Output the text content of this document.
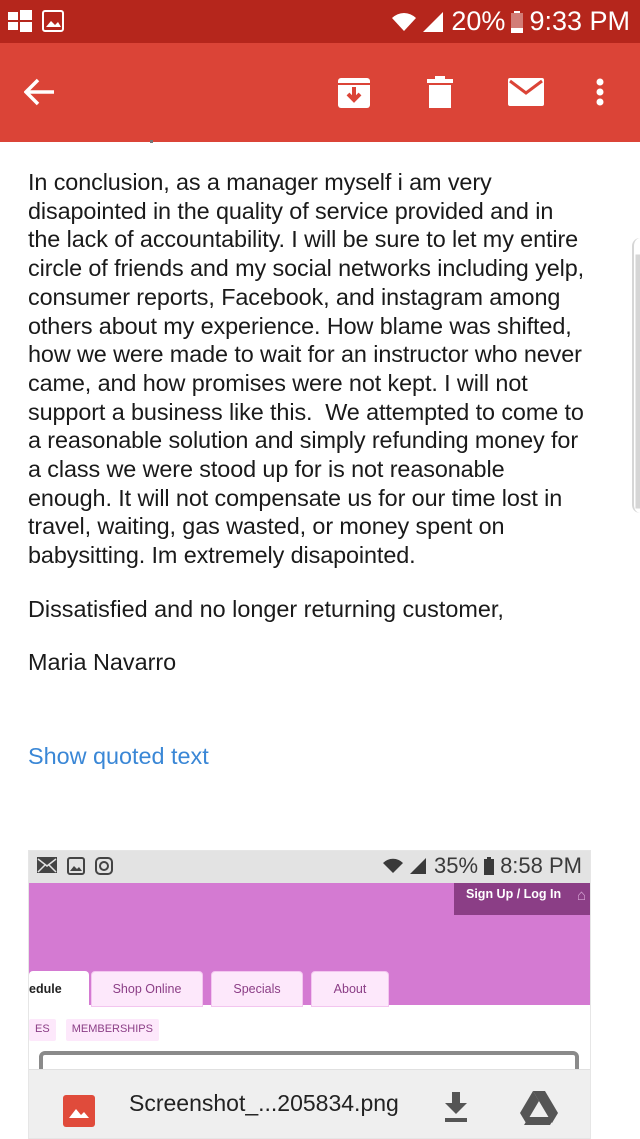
20% 9:33 PM

In conclusion, as a manager myself i am very
disapointed in the quality of service provided and in
the lack of accountability. I will be sure to let my entire
circle of friends and my social networks including yelp,
consumer reports, Facebook, and instagram among
others about my experience. How blame was shifted,
how we were made to wait for an instructor who never
came, and how promises were not kept. I will not
support a business like this.  We attempted to come to
a reasonable solution and simply refunding money for
a class we were stood up for is not reasonable
enough. It will not compensate us for our time lost in
travel, waiting, gas wasted, or money spent on
babysitting. Im extremely disapointed.

Dissatisfied and no longer returning customer,
Maria Navarro
Show quoted text
35% 8:58 PM
Sign Up / Log In ⌂
edule	Shop Online	Specials	About
ES	MEMBERSHIPS
Screenshot_...205834.png
